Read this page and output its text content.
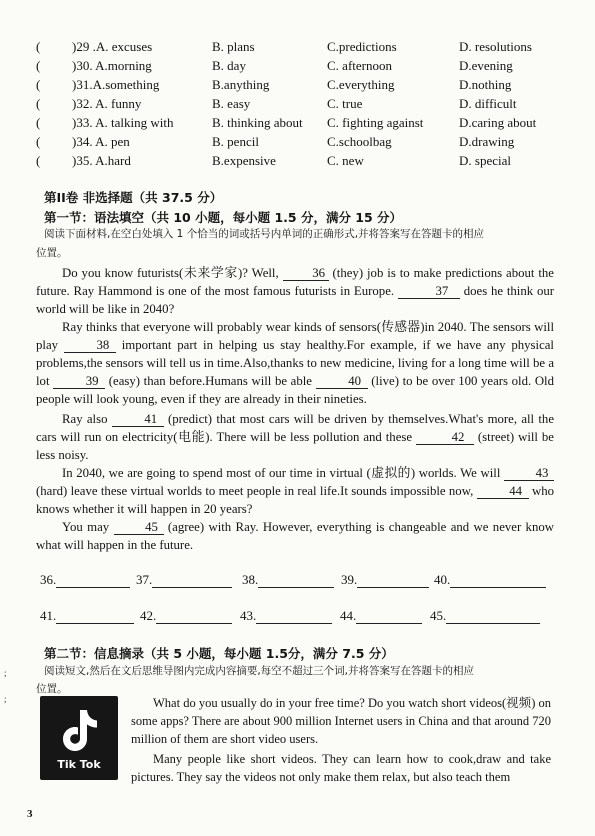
(	)29 .A. excuses	B. plans	C.predictions	D. resolutions
(	)30. A.morning	B. day	C. afternoon	D.evening
(	)31.A.something	B.anything	C.everything	D.nothing
(	)32. A. funny	B. easy	C. true	D. difficult
(	)33. A. talking with	B. thinking about	C. fighting against	D.caring about
(	)34. A. pen	B. pencil	C.schoolbag	D.drawing
(	)35. A.hard	B.expensive	C. new	D. special
第II卷 非选择题（共 37.5 分）
第一节：语法填空（共 10 小题，每小题 1.5 分，满分 15 分）
阅读下面材料,在空白处填入 1 个恰当的词或括号内单词的正确形式,并将答案写在答题卡的相应
位置。

Do you know futurists(未来学家)? Well,	36 (they) job is to make predictions about the future. Ray Hammond is one of the most famous futurists in Europe.	37 does he think our world will be like in 2040?

Ray thinks that everyone will probably wear kinds of sensors(传感器)in 2040. The sensors will play	38 important part in helping us stay healthy.For example, if we have any physical problems,the sensors will tell us in time.Also,thanks to new medicine, living for a long time will be a lot	39 (easy) than before.Humans will be able	40 (live) to be over 100 years old. Old people will look young, even if they are already in their nineties.

Ray also	41 (predict) that most cars will be driven by themselves.What's more, all the cars will run on electricity(电能). There will be less pollution and these	42 (street) will be less noisy.

In 2040, we are going to spend most of our time in virtual (虚拟的) worlds. We will	43 (hard) leave these virtual worlds to meet people in real life.It sounds impossible now,	44 who knows whether it will happen in 20 years?

You may	45 (agree) with Ray. However, everything is changeable and we never know what will happen in the future.

36.	37.	38.	39.	40.
41.	42.	43.	44.	45.
第二节：信息摘录（共 5 小题，每小题 1.5分，满分 7.5 分）
阅读短文,然后在文后思维导图内完成内容摘要,每空不超过三个词,并将答案写在答题卡的相应
位置。
;
;
Tik Tok
What do you usually do in your free time? Do you watch short videos(视频) on some apps? There are about 900 million Internet users in China and that around 720 million of them are short video users.
Many people like short videos. They can learn how to cook,draw and take pictures. They say the videos not only make them relax, but also teach them
3
